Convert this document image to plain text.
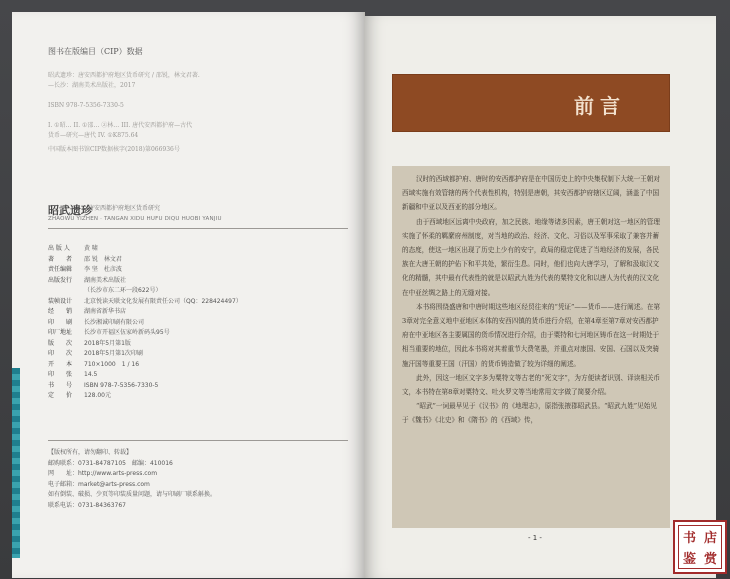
图书在版编目（CIP）数据
昭武遗珍：唐安西都护府地区货币研究 / 邵锐，林文君著.
—长沙：湖南美术出版社，2017
ISBN 978-7-5356-7330-5
I. ①昭… II. ①邵… ②林… III. 唐代安西都护府—古代
货币—研究—唐代 IV. ①K875.64
中国版本图书馆CIP数据核字(2018)第066936号
昭武遗珍
—唐安西都护府地区货币研究
ZHAOWU YIZHEN · TANGAN XIDU HUFU DIQU HUOBI YANJIU
出 版 人	黄 啸
著　　者	邵 锐　林文君
责任编辑	李 坚　杜彦波
出版发行	湖南美术出版社
（长沙市东二环一段622号）
装帧设计	北京悦读天联文化发展有限责任公司（QQ：228424497）
经　　销	湖南省新华书店
印　　刷	长沙湘诚印刷有限公司
印厂地址	长沙市开福区伍家岭新码头95号
版　　次	2018年5月第1版
印　　次	2018年5月第1次印刷
开　　本	710×1000　1 / 16
印　　张	14.5
书　　号	ISBN 978-7-5356-7330-5
定　　价	128.00元
【版权所有，请勿翻印、转载】
邮购联系：0731-84787105　邮编：410016
网　　址：http://www.arts-press.com
电子邮箱：market@arts-press.com
如有倒装、破损、少页等印装质量问题，请与印刷厂联系斛换。
联系电话：0731-84363767
前言

汉时的西域都护府、唐时的安西都护府是在中国历史上的中央集权制下大统一王朝对西域实施有效管辖的两个代表性机构，特别是唐朝，其安西都护府辖区辽阔，涵盖了中国新疆和中亚以及西亚的部分地区。

由于西域地区远离中央政府，加之民族、地缘等诸多因素，唐王朝对这一地区的管理实施了怀柔的羁縻府州制度，对当地的政治、经济、文化、习俗以及军事采取了兼容并蓄的态度，使这一地区出现了历史上少有的安宁，政局的稳定促进了当地经济的发展，各民族在大唐王朝的护佑下和平共处，繁衍生息。同时，他们也向大唐学习，了解和汲取汉文化的精髓，其中最有代表性的就是以昭武九姓为代表的粟特文化和以唐人为代表的汉文化在中亚丝绸之路上的无缝对接。

本书将围绕盛唐和中唐时期这些地区经贸往来的“凭证”——货币——进行阐述。在第3章对完全意义地中亚地区本体的安西四镇的货币进行介绍，在第4章至第7章对安西都护府在中亚地区各主要属国的货币情况进行介绍，由于粟特和七河地区铸币在这一时期处于相当重要的地位，因此本书将对其着重节大费笔墨，并重点对康国、安国、石国以及突骑施汗国等重要王国（汗国）的货币铸造做了较为详细的阐述。

此外，因这一地区文字多为粟特文等古老的“死文字”，为方便读者识别、译读相关币文，本书特在第8章对粟特文、吐火罗文等当地常用文字做了简要介绍。

“昭武”一词最早见于《汉书》的《地理志》，原指张掖郡昭武县。“昭武九姓”见始见于《魏书》《北史》和《隋书》的《西域》传，

- 1 -	书 店
鉴 赏
